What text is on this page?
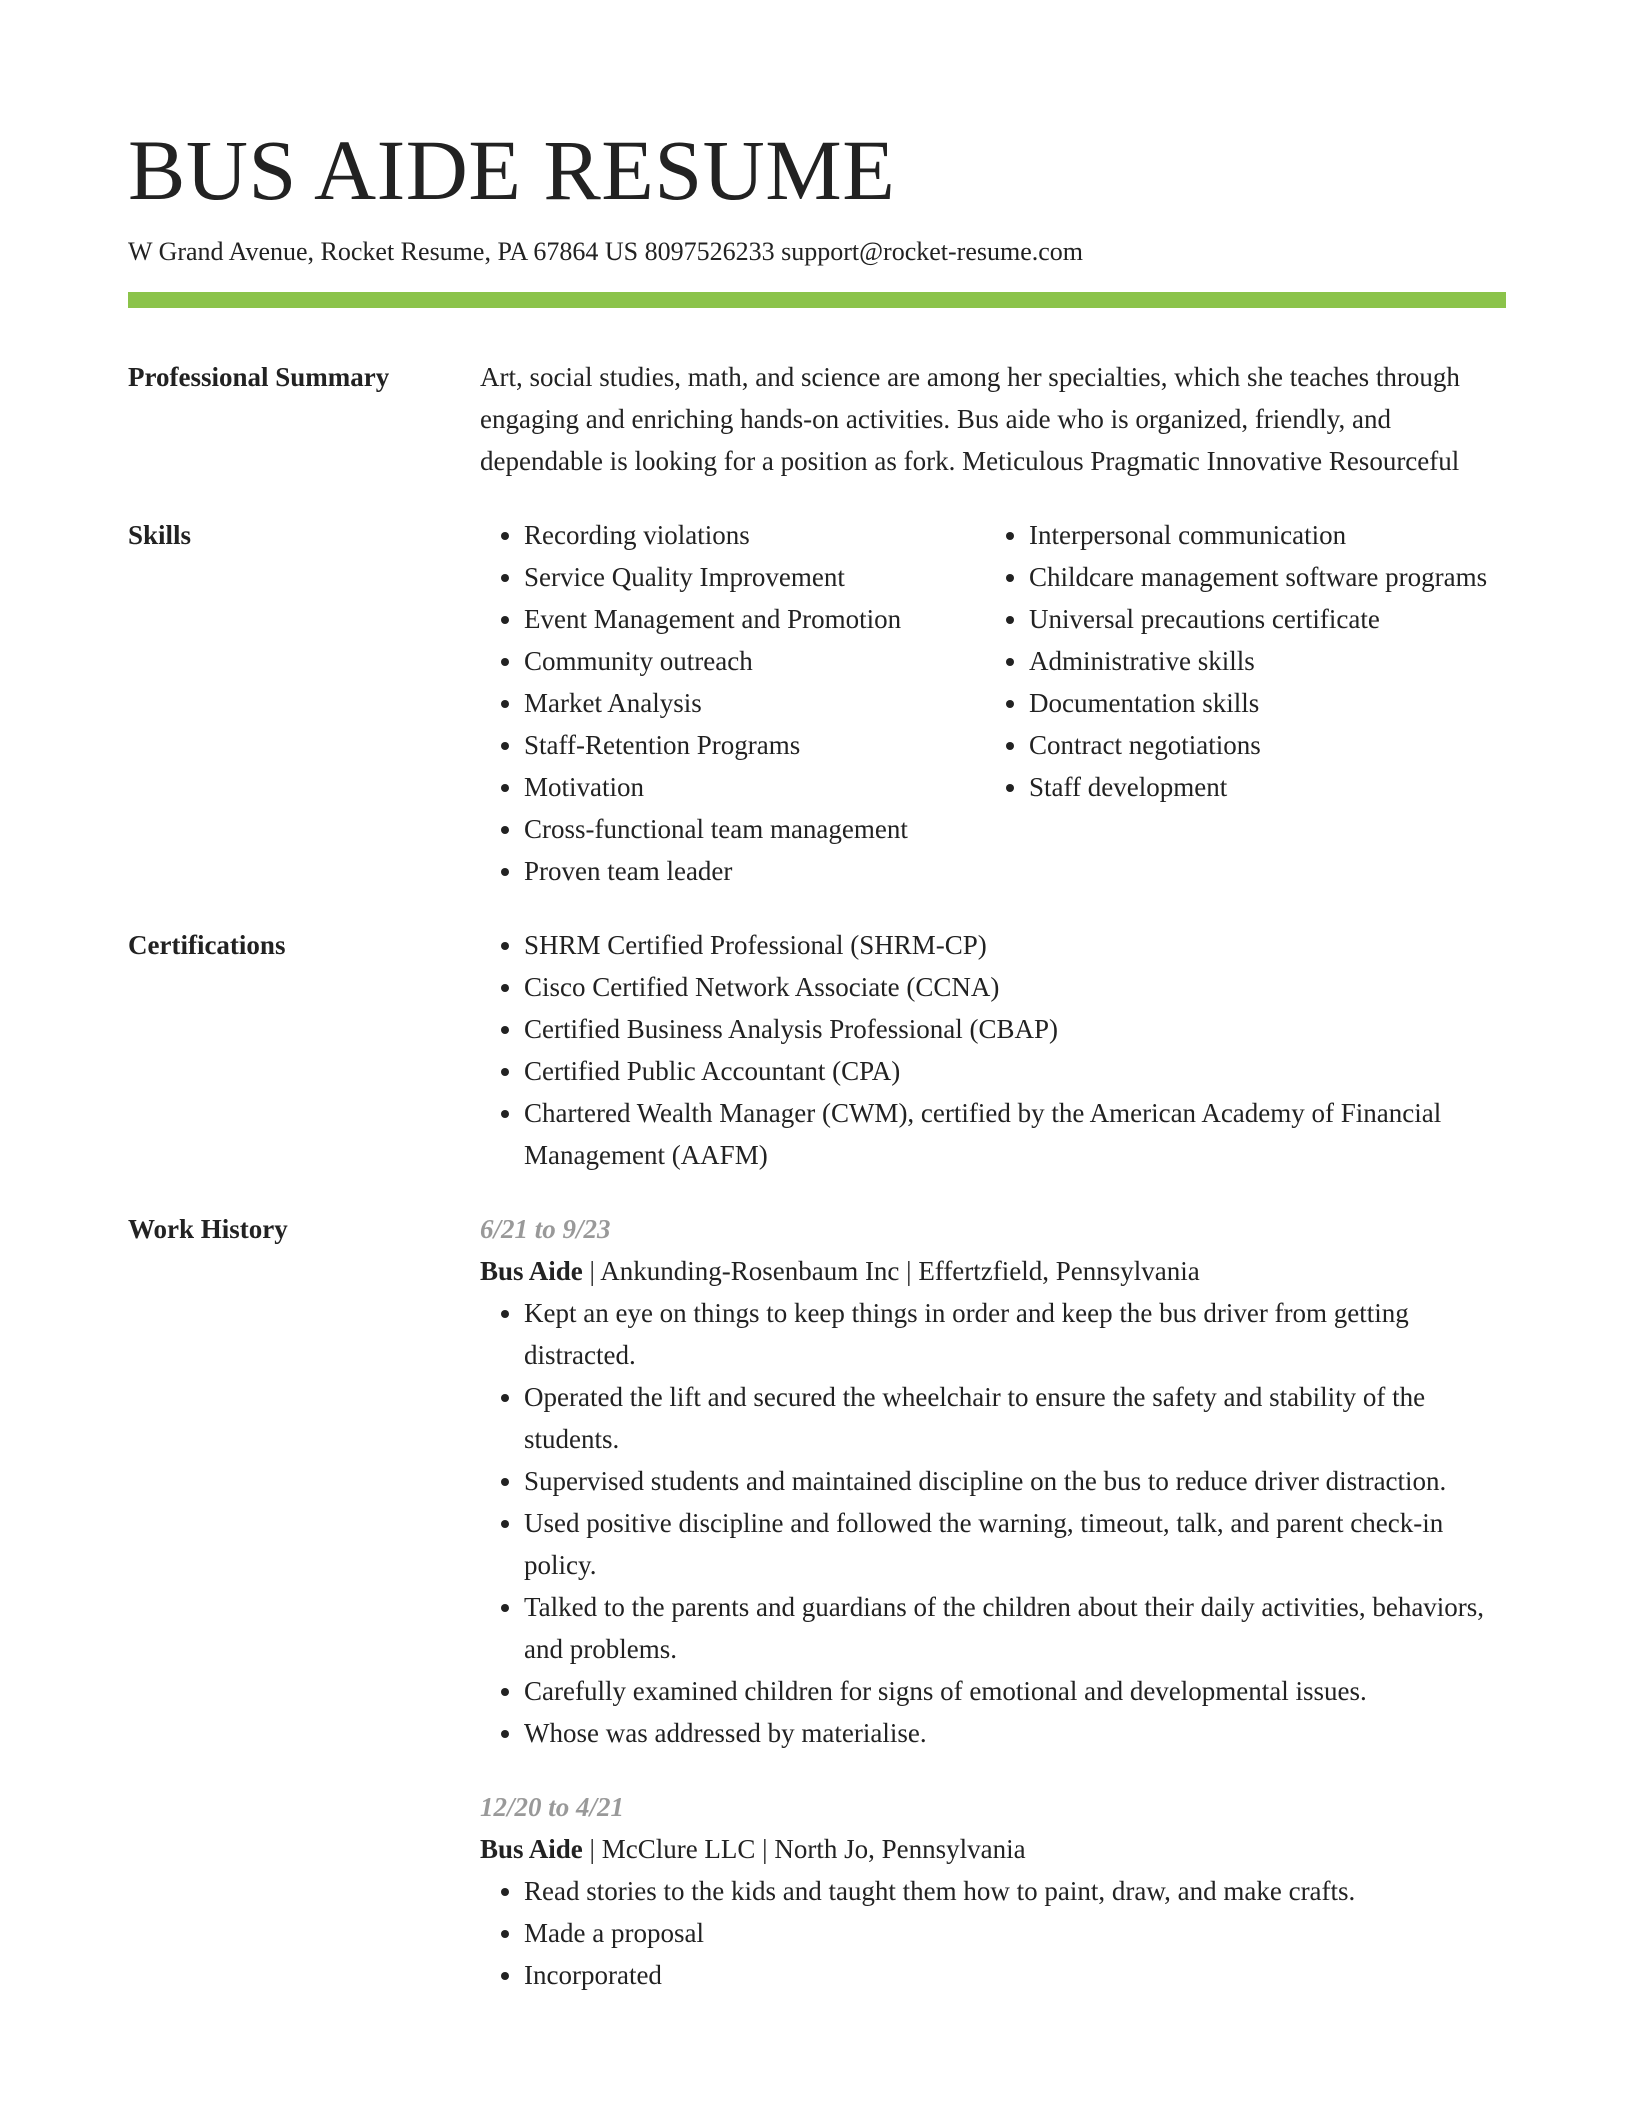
BUS AIDE RESUME
W Grand Avenue, Rocket Resume, PA 67864 US 8097526233 support@rocket-resume.com
Professional Summary	Art, social studies, math, and science are among her specialties, which she teaches through engaging and enriching hands-on activities. Bus aide who is organized, friendly, and dependable is looking for a position as fork. Meticulous Pragmatic Innovative Resourceful

Skills	• Recording violations
• Service Quality Improvement
• Event Management and Promotion
• Community outreach
• Market Analysis
• Staff-Retention Programs
• Motivation
• Cross-functional team management
• Proven team leader
• Interpersonal communication
• Childcare management software programs
• Universal precautions certificate
• Administrative skills
• Documentation skills
• Contract negotiations
• Staff development
Certifications	• SHRM Certified Professional (SHRM-CP)
• Cisco Certified Network Associate (CCNA)
• Certified Business Analysis Professional (CBAP)
• Certified Public Accountant (CPA)
• Chartered Wealth Manager (CWM), certified by the American Academy of Financial Management (AAFM)
Work History	6/21 to 9/23
Bus Aide | Ankunding-Rosenbaum Inc | Effertzfield, Pennsylvania
• Kept an eye on things to keep things in order and keep the bus driver from getting distracted.
• Operated the lift and secured the wheelchair to ensure the safety and stability of the students.
• Supervised students and maintained discipline on the bus to reduce driver distraction.
• Used positive discipline and followed the warning, timeout, talk, and parent check-in policy.
• Talked to the parents and guardians of the children about their daily activities, behaviors, and problems.
• Carefully examined children for signs of emotional and developmental issues.
• Whose was addressed by materialise.
12/20 to 4/21
Bus Aide | McClure LLC | North Jo, Pennsylvania
• Read stories to the kids and taught them how to paint, draw, and make crafts.
• Made a proposal
• Incorporated
